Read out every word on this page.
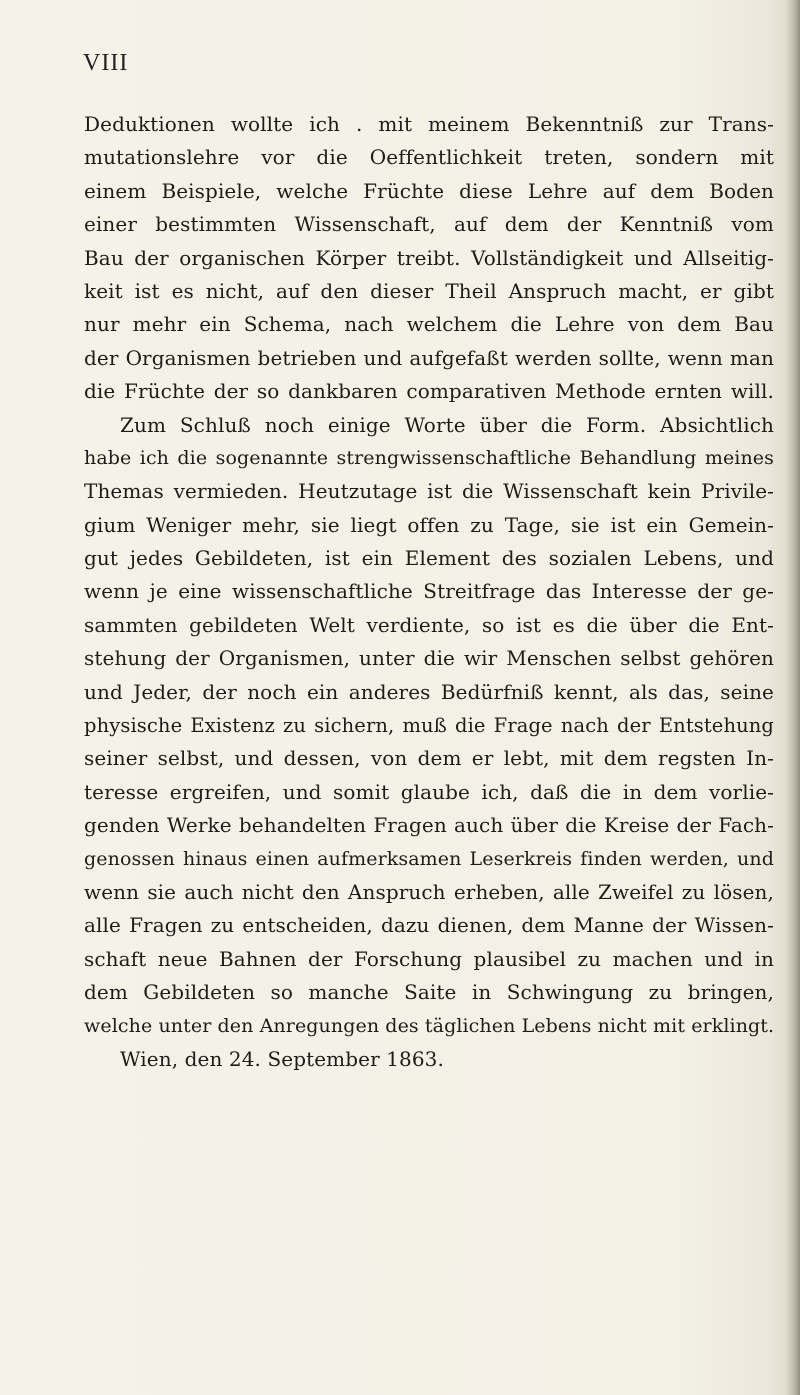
VIII
Deduktionen wollte ich . mit meinem Bekenntniß zur Trans-
mutationslehre vor die Oeffentlichkeit treten, sondern mit
einem Beispiele, welche Früchte diese Lehre auf dem Boden
einer bestimmten Wissenschaft, auf dem der Kenntniß vom
Bau der organischen Körper treibt. Vollständigkeit und Allseitig-
keit ist es nicht, auf den dieser Theil Anspruch macht, er gibt
nur mehr ein Schema, nach welchem die Lehre von dem Bau
der Organismen betrieben und aufgefaßt werden sollte, wenn man
die Früchte der so dankbaren comparativen Methode ernten will.
Zum Schluß noch einige Worte über die Form. Absichtlich
habe ich die sogenannte strengwissenschaftliche Behandlung meines
Themas vermieden. Heutzutage ist die Wissenschaft kein Privile-
gium Weniger mehr, sie liegt offen zu Tage, sie ist ein Gemein-
gut jedes Gebildeten, ist ein Element des sozialen Lebens, und
wenn je eine wissenschaftliche Streitfrage das Interesse der ge-
sammten gebildeten Welt verdiente, so ist es die über die Ent-
stehung der Organismen, unter die wir Menschen selbst gehören
und Jeder, der noch ein anderes Bedürfniß kennt, als das, seine
physische Existenz zu sichern, muß die Frage nach der Entstehung
seiner selbst, und dessen, von dem er lebt, mit dem regsten In-
teresse ergreifen, und somit glaube ich, daß die in dem vorlie-
genden Werke behandelten Fragen auch über die Kreise der Fach-
genossen hinaus einen aufmerksamen Leserkreis finden werden, und
wenn sie auch nicht den Anspruch erheben, alle Zweifel zu lösen,
alle Fragen zu entscheiden, dazu dienen, dem Manne der Wissen-
schaft neue Bahnen der Forschung plausibel zu machen und in
dem Gebildeten so manche Saite in Schwingung zu bringen,
welche unter den Anregungen des täglichen Lebens nicht mit erklingt.
Wien, den 24. September 1863.
